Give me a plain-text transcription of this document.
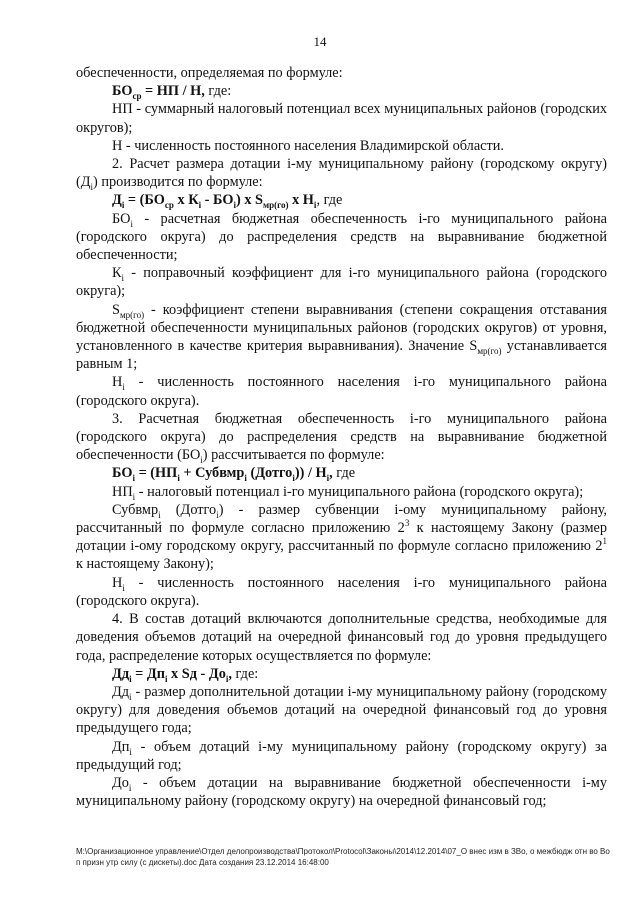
14

обеспеченности, определяемая по формуле:

$БО_{ср}$ = НП / Н, где:

НП - суммарный налоговый потенциал всех муниципальных районов (городских округов);

Н - численность постоянного населения Владимирской области.

2. Расчет размера дотации i-му муниципальному району (городскому округу) $(Д_i)$ производится по формуле:

$Д_i = (БО_{ср}$ х $К_i - БО_i$) х $S_{мр(го)}$ х $Н_i$, где

$БО_i$ - расчетная бюджетная обеспеченность i-го муниципального района (городского округа) до распределения средств на выравнивание бюджетной обеспеченности;

$К_i$ - поправочный коэффициент для i-го муниципального района (городского округа);

$S_{мр(го)}$ - коэффициент степени выравнивания (степени сокращения отставания бюджетной обеспеченности муниципальных районов (городских округов) от уровня, установленного в качестве критерия выравнивания). Значение $S_{мр(го)}$ устанавливается равным 1;

$Н_i$ - численность постоянного населения i-го муниципального района (городского округа).

3. Расчетная бюджетная обеспеченность i-го муниципального района (городского округа) до распределения средств на выравнивание бюджетной обеспеченности $(БО_i)$ рассчитывается по формуле:

$БО_i = (НП_i$ + Субвмр$_i$ (Дотго$_i$)) / $Н_i$, где

$НП_i$ - налоговый потенциал i-го муниципального района (городского округа);

Субвмр$_i$ (Дотго$_i$) - размер субвенции i-ому муниципальному району, рассчитанный по формуле согласно приложению $2^3$ к настоящему Закону (размер дотации i-ому городскому округу, рассчитанный по формуле согласно приложению $2^1$ к настоящему Закону);

$Н_i$ - численность постоянного населения i-го муниципального района (городского округа).

4. В состав дотаций включаются дополнительные средства, необходимые для доведения объемов дотаций на очередной финансовый год до уровня предыдущего года, распределение которых осуществляется по формуле:

$Дд_i = Дп_i$ х Sд - $До_i$, где:

$Дд_i$ - размер дополнительной дотации i-му муниципальному району (городскому округу) для доведения объемов дотаций на очередной финансовый год до уровня предыдущего года;

$Дп_i$ - объем дотаций i-му муниципальному району (городскому округу) за предыдущий год;

$До_i$ - объем дотации на выравнивание бюджетной обеспеченности i-му муниципальному району (городскому округу) на очередной финансовый год;

M:\Организационное управление\Отдел делопроизводства\Протокол\Protocol\Законы\2014\12.2014\07_О внес изм в ЗВо, о межбюдж отн во Во
п призн утр силу (с дискеты).doc Дата создания 23.12.2014 16:48:00
